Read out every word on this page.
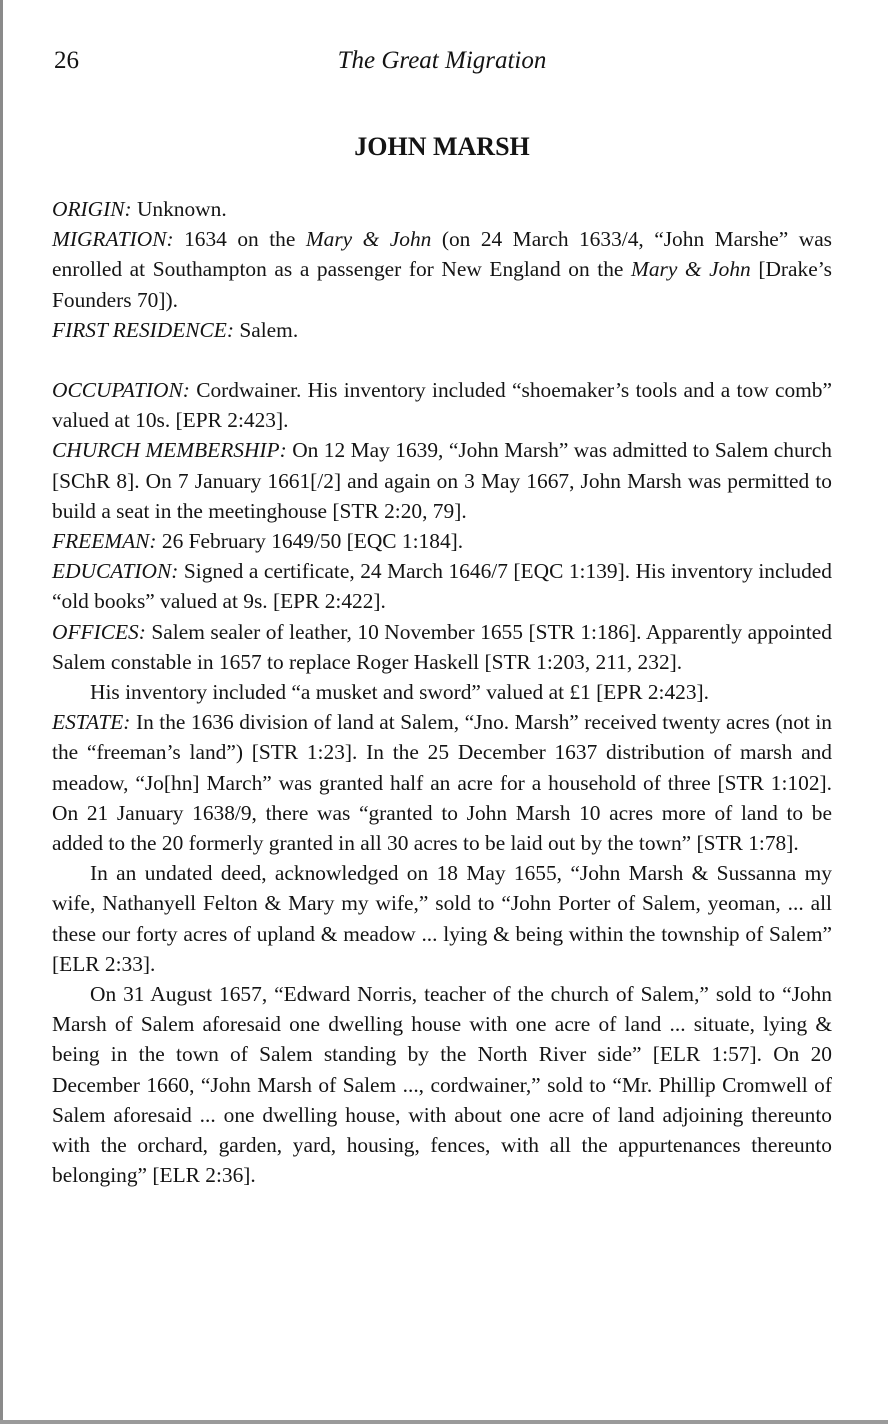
26	The Great Migration
JOHN MARSH

ORIGIN: Unknown.

MIGRATION: 1634 on the Mary & John (on 24 March 1633/4, “John Marshe” was enrolled at Southampton as a passenger for New England on the Mary & John [Drake’s Founders 70]).

FIRST RESIDENCE: Salem.

OCCUPATION: Cordwainer. His inventory included “shoemaker’s tools and a tow comb” valued at 10s. [EPR 2:423].

CHURCH MEMBERSHIP: On 12 May 1639, “John Marsh” was admitted to Salem church [SChR 8]. On 7 January 1661[/2] and again on 3 May 1667, John Marsh was permitted to build a seat in the meetinghouse [STR 2:20, 79].

FREEMAN: 26 February 1649/50 [EQC 1:184].

EDUCATION: Signed a certificate, 24 March 1646/7 [EQC 1:139]. His inventory included “old books” valued at 9s. [EPR 2:422].

OFFICES: Salem sealer of leather, 10 November 1655 [STR 1:186]. Apparently appointed Salem constable in 1657 to replace Roger Haskell [STR 1:203, 211, 232].

His inventory included “a musket and sword” valued at £1 [EPR 2:423].

ESTATE: In the 1636 division of land at Salem, “Jno. Marsh” received twenty acres (not in the “freeman’s land”) [STR 1:23]. In the 25 December 1637 distribution of marsh and meadow, “Jo[hn] March” was granted half an acre for a household of three [STR 1:102]. On 21 January 1638/9, there was “granted to John Marsh 10 acres more of land to be added to the 20 formerly granted in all 30 acres to be laid out by the town” [STR 1:78].

In an undated deed, acknowledged on 18 May 1655, “John Marsh & Sussanna my wife, Nathanyell Felton & Mary my wife,” sold to “John Porter of Salem, yeoman, ... all these our forty acres of upland & meadow ... lying & being within the township of Salem” [ELR 2:33].

On 31 August 1657, “Edward Norris, teacher of the church of Salem,” sold to “John Marsh of Salem aforesaid one dwelling house with one acre of land ... situate, lying & being in the town of Salem standing by the North River side” [ELR 1:57]. On 20 December 1660, “John Marsh of Salem ..., cordwainer,” sold to “Mr. Phillip Cromwell of Salem aforesaid ... one dwelling house, with about one acre of land adjoining thereunto with the orchard, garden, yard, housing, fences, with all the appurtenances thereunto belonging” [ELR 2:36].
